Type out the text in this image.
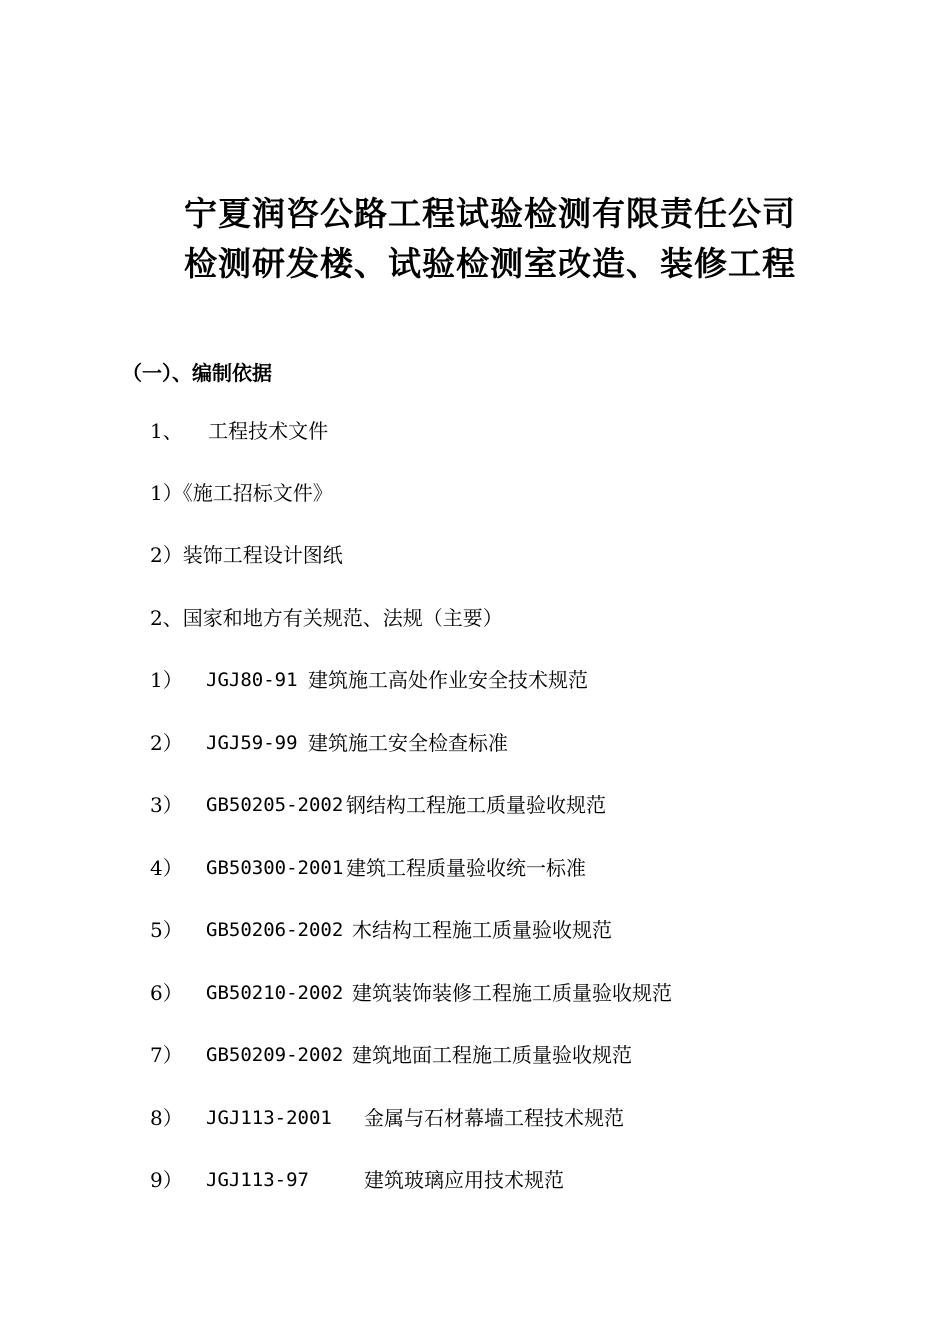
宁夏润咨公路工程试验检测有限责任公司
检测研发楼、试验检测室改造、装修工程
（一）、编制依据
1、    工程技术文件
1）《施工招标文件》
2）装饰工程设计图纸
2、国家和地方有关规范、法规（主要）
1） JGJ80-91 建筑施工高处作业安全技术规范
2） JGJ59-99 建筑施工安全检查标准
3） GB50205-2002 钢结构工程施工质量验收规范
4） GB50300-2001 建筑工程质量验收统一标准
5） GB50206-2002 木结构工程施工质量验收规范
6） GB50210-2002 建筑装饰装修工程施工质量验收规范
7） GB50209-2002 建筑地面工程施工质量验收规范
8） JGJ113-2001 金属与石材幕墙工程技术规范
9） JGJ113-97	建筑玻璃应用技术规范
